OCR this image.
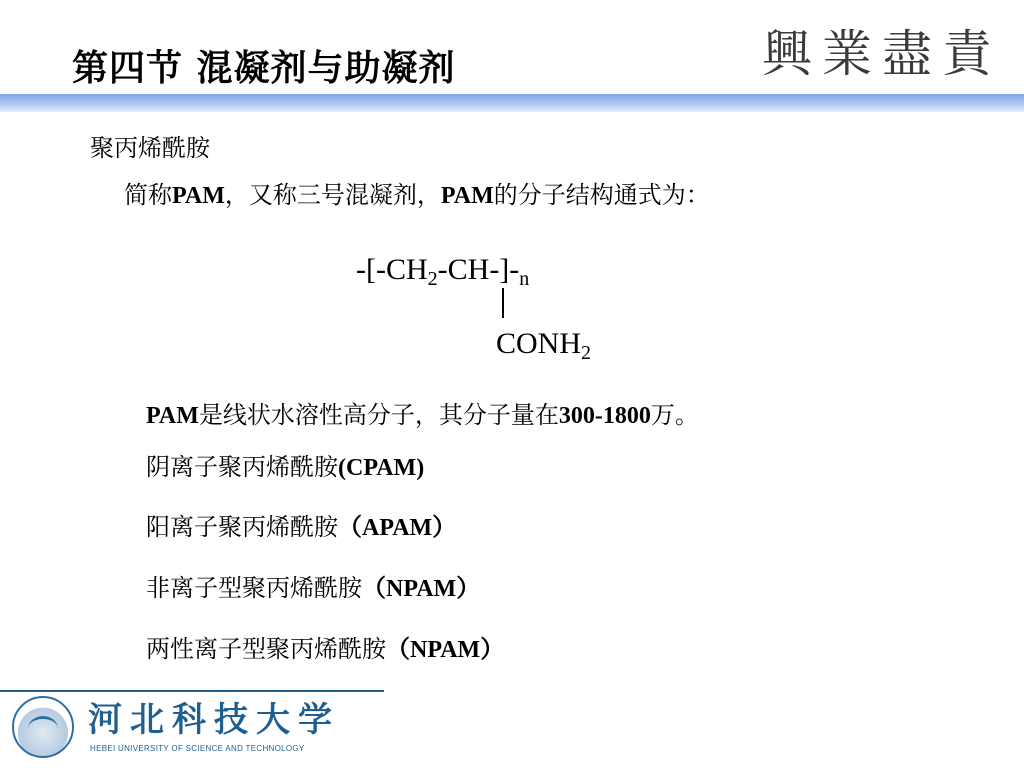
第四节 混凝剂与助凝剂	興業盡責
聚丙烯酰胺
简称PAM，又称三号混凝剂，PAM的分子结构通式为：
$-[-CH_2-CH-]-_n$
$CONH_2$
PAM是线状水溶性高分子，其分子量在300-1800万。
阴离子聚丙烯酰胺(CPAM)
阳离子聚丙烯酰胺（APAM）
非离子型聚丙烯酰胺（NPAM）
两性离子型聚丙烯酰胺（NPAM）
河北科技大学
HEBEI UNIVERSITY OF SCIENCE AND TECHNOLOGY
